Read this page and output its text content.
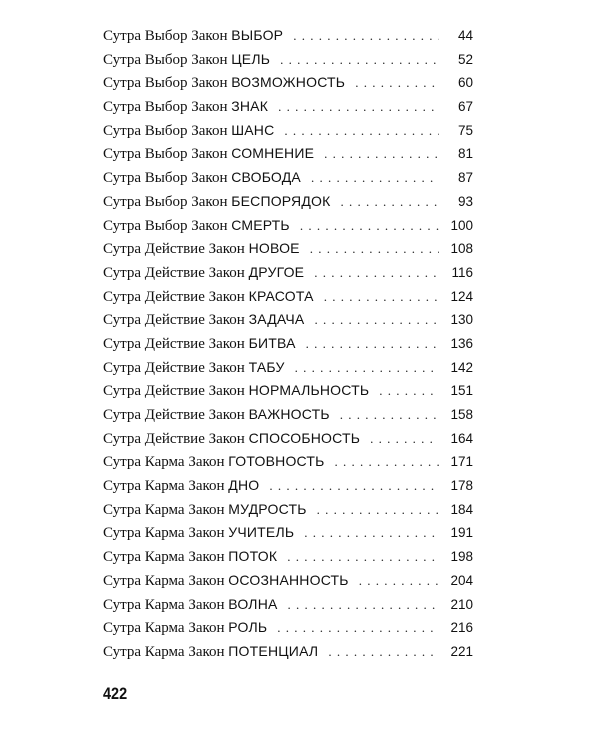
Сутра Выбор Закон ВЫБОР . . .	44
Сутра Выбор Закон ЦЕЛЬ . . .	52
Сутра Выбор Закон ВОЗМОЖНОСТЬ . . .	60
Сутра Выбор Закон ЗНАК . . .	67
Сутра Выбор Закон ШАНС . . .	75
Сутра Выбор Закон СОМНЕНИЕ . . .	81
Сутра Выбор Закон СВОБОДА . . .	87
Сутра Выбор Закон БЕСПОРЯДОК . . .	93
Сутра Выбор Закон СМЕРТЬ . . .	100
Сутра Действие Закон НОВОЕ . . .	108
Сутра Действие Закон ДРУГОЕ . . .	116
Сутра Действие Закон КРАСОТА . . .	124
Сутра Действие Закон ЗАДАЧА . . .	130
Сутра Действие Закон БИТВА . . .	136
Сутра Действие Закон ТАБУ . . .	142
Сутра Действие Закон НОРМАЛЬНОСТЬ . . .	151
Сутра Действие Закон ВАЖНОСТЬ . . .	158
Сутра Действие Закон СПОСОБНОСТЬ . . .	164
Сутра Карма Закон ГОТОВНОСТЬ . . .	171
Сутра Карма Закон ДНО . . .	178
Сутра Карма Закон МУДРОСТЬ . . .	184
Сутра Карма Закон УЧИТЕЛЬ . . .	191
Сутра Карма Закон ПОТОК . . .	198
Сутра Карма Закон ОСОЗНАННОСТЬ . . .	204
Сутра Карма Закон ВОЛНА . . .	210
Сутра Карма Закон РОЛЬ . . .	216
Сутра Карма Закон ПОТЕНЦИАЛ . . .	221
422
